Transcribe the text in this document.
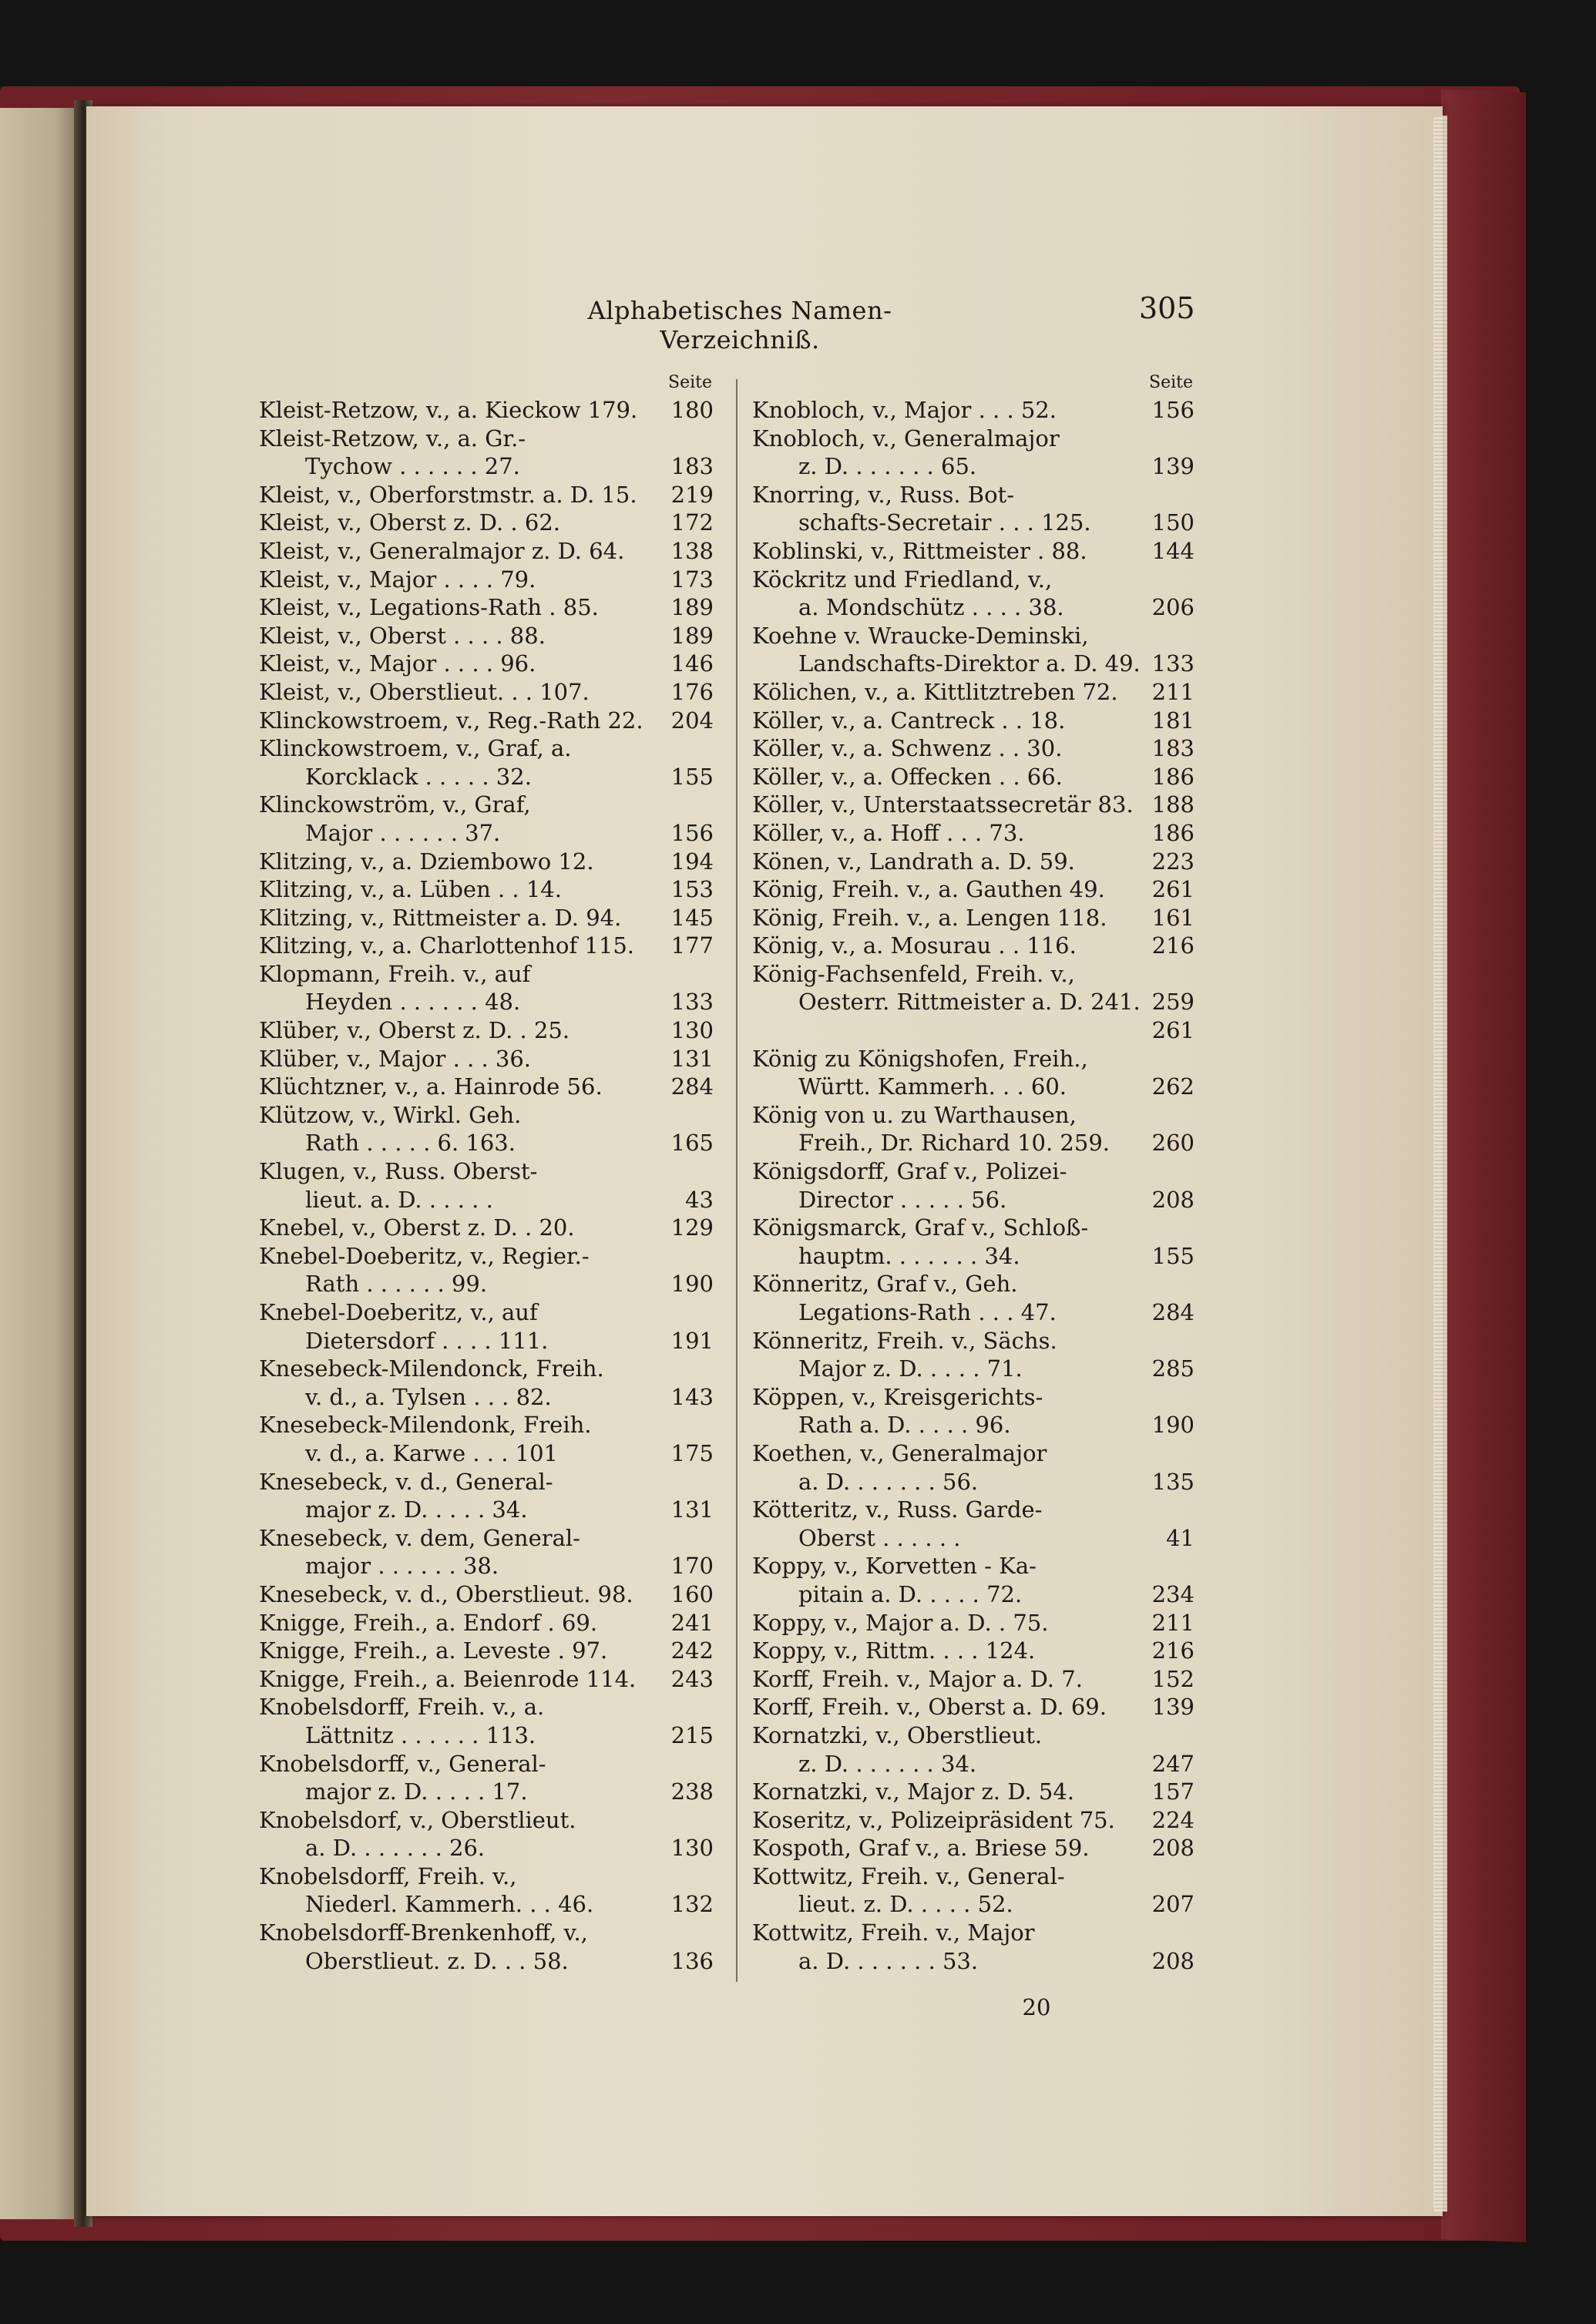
Alphabetisches Namen-Verzeichniß.
305
Seite
Kleist-Retzow, v., a. Kieckow 179. 180
Kleist-Retzow, v., a. Gr.-
Tychow . . . . . . 27.	183
Kleist, v., Oberforstmstr. a. D. 15. 219
Kleist, v., Oberst z. D. . 62.	172
Kleist, v., Generalmajor z. D. 64. 138
Kleist, v., Major . . . . 79.	173
Kleist, v., Legations-Rath . 85.	189
Kleist, v., Oberst . . . . 88.	189
Kleist, v., Major . . . . 96.	146
Kleist, v., Oberstlieut. . . 107.	176
Klinckowstroem, v., Reg.-Rath 22. 204
Klinckowstroem, v., Graf, a.
Korcklack . . . . . 32.	155
Klinckowström, v., Graf,
Major . . . . . . 37.	156
Klitzing, v., a. Dziembowo 12.	194
Klitzing, v., a. Lüben . . 14.	153
Klitzing, v., Rittmeister a. D. 94. 145
Klitzing, v., a. Charlottenhof 115. 177
Klopmann, Freih. v., auf
Heyden . . . . . . 48.	133
Klüber, v., Oberst z. D. . 25.	130
Klüber, v., Major . . . 36.	131
Klüchtzner, v., a. Hainrode 56.	284
Klützow, v., Wirkl. Geh.
Rath . . . . . 6. 163.	165
Klugen, v., Russ. Oberst-
lieut. a. D. . . . . .	43
Knebel, v., Oberst z. D. . 20.	129
Knebel-Doeberitz, v., Regier.-
Rath . . . . . . 99.	190
Knebel-Doeberitz, v., auf
Dietersdorf . . . . 111.	191
Knesebeck-Milendonck, Freih.
v. d., a. Tylsen . . . 82.	143
Knesebeck-Milendonk, Freih.
v. d., a. Karwe . . . 101	175
Knesebeck, v. d., General-
major z. D. . . . . 34.	131
Knesebeck, v. dem, General-
major . . . . . . 38.	170
Knesebeck, v. d., Oberstlieut. 98. 160
Knigge, Freih., a. Endorf . 69.	241
Knigge, Freih., a. Leveste . 97.	242
Knigge, Freih., a. Beienrode 114. 243
Knobelsdorff, Freih. v., a.
Lättnitz . . . . . . 113.	215
Knobelsdorff, v., General-
major z. D. . . . . 17.	238
Knobelsdorf, v., Oberstlieut.
a. D. . . . . . . 26.	130
Knobelsdorff, Freih. v.,
Niederl. Kammerh. . . 46.	132
Knobelsdorff-Brenkenhoff, v.,
Oberstlieut. z. D. . . 58.	136
Seite
Knobloch, v., Major . . . 52.	156
Knobloch, v., Generalmajor
z. D. . . . . . . 65.	139
Knorring, v., Russ. Bot-
schafts-Secretair . . . 125.	150
Koblinski, v., Rittmeister . 88.	144
Köckritz und Friedland, v.,
a. Mondschütz . . . . 38.	206
Koehne v. Wraucke-Deminski,
Landschafts-Direktor a. D. 49. 133
Kölichen, v., a. Kittlitztreben 72. 211
Köller, v., a. Cantreck . . 18.	181
Köller, v., a. Schwenz . . 30.	183
Köller, v., a. Offecken . . 66.	186
Köller, v., Unterstaatssecretär 83. 188
Köller, v., a. Hoff . . . 73.	186
Könen, v., Landrath a. D. 59.	223
König, Freih. v., a. Gauthen 49. 261
König, Freih. v., a. Lengen 118. 161
König, v., a. Mosurau . . 116.	216
König-Fachsenfeld, Freih. v.,
Oesterr. Rittmeister a. D. 241. 259
261
König zu Königshofen, Freih.,
Württ. Kammerh. . . 60.	262
König von u. zu Warthausen,
Freih., Dr. Richard 10. 259. 260
Königsdorff, Graf v., Polizei-
Director . . . . . 56.	208
Königsmarck, Graf v., Schloß-
hauptm. . . . . . . 34.	155
Könneritz, Graf v., Geh.
Legations-Rath . . . 47.	284
Könneritz, Freih. v., Sächs.
Major z. D. . . . . 71.	285
Köppen, v., Kreisgerichts-
Rath a. D. . . . . 96.	190
Koethen, v., Generalmajor
a. D. . . . . . . 56.	135
Kötteritz, v., Russ. Garde-
Oberst . . . . . .	41
Koppy, v., Korvetten - Ka-
pitain a. D. . . . . 72.	234
Koppy, v., Major a. D. . 75.	211
Koppy, v., Rittm. . . . 124.	216
Korff, Freih. v., Major a. D. 7.	152
Korff, Freih. v., Oberst a. D. 69. 139
Kornatzki, v., Oberstlieut.
z. D. . . . . . . 34.	247
Kornatzki, v., Major z. D. 54.	157
Koseritz, v., Polizeipräsident 75. 224
Kospoth, Graf v., a. Briese 59.	208
Kottwitz, Freih. v., General-
lieut. z. D. . . . . 52.	207
Kottwitz, Freih. v., Major
a. D. . . . . . . 53.	208
20
